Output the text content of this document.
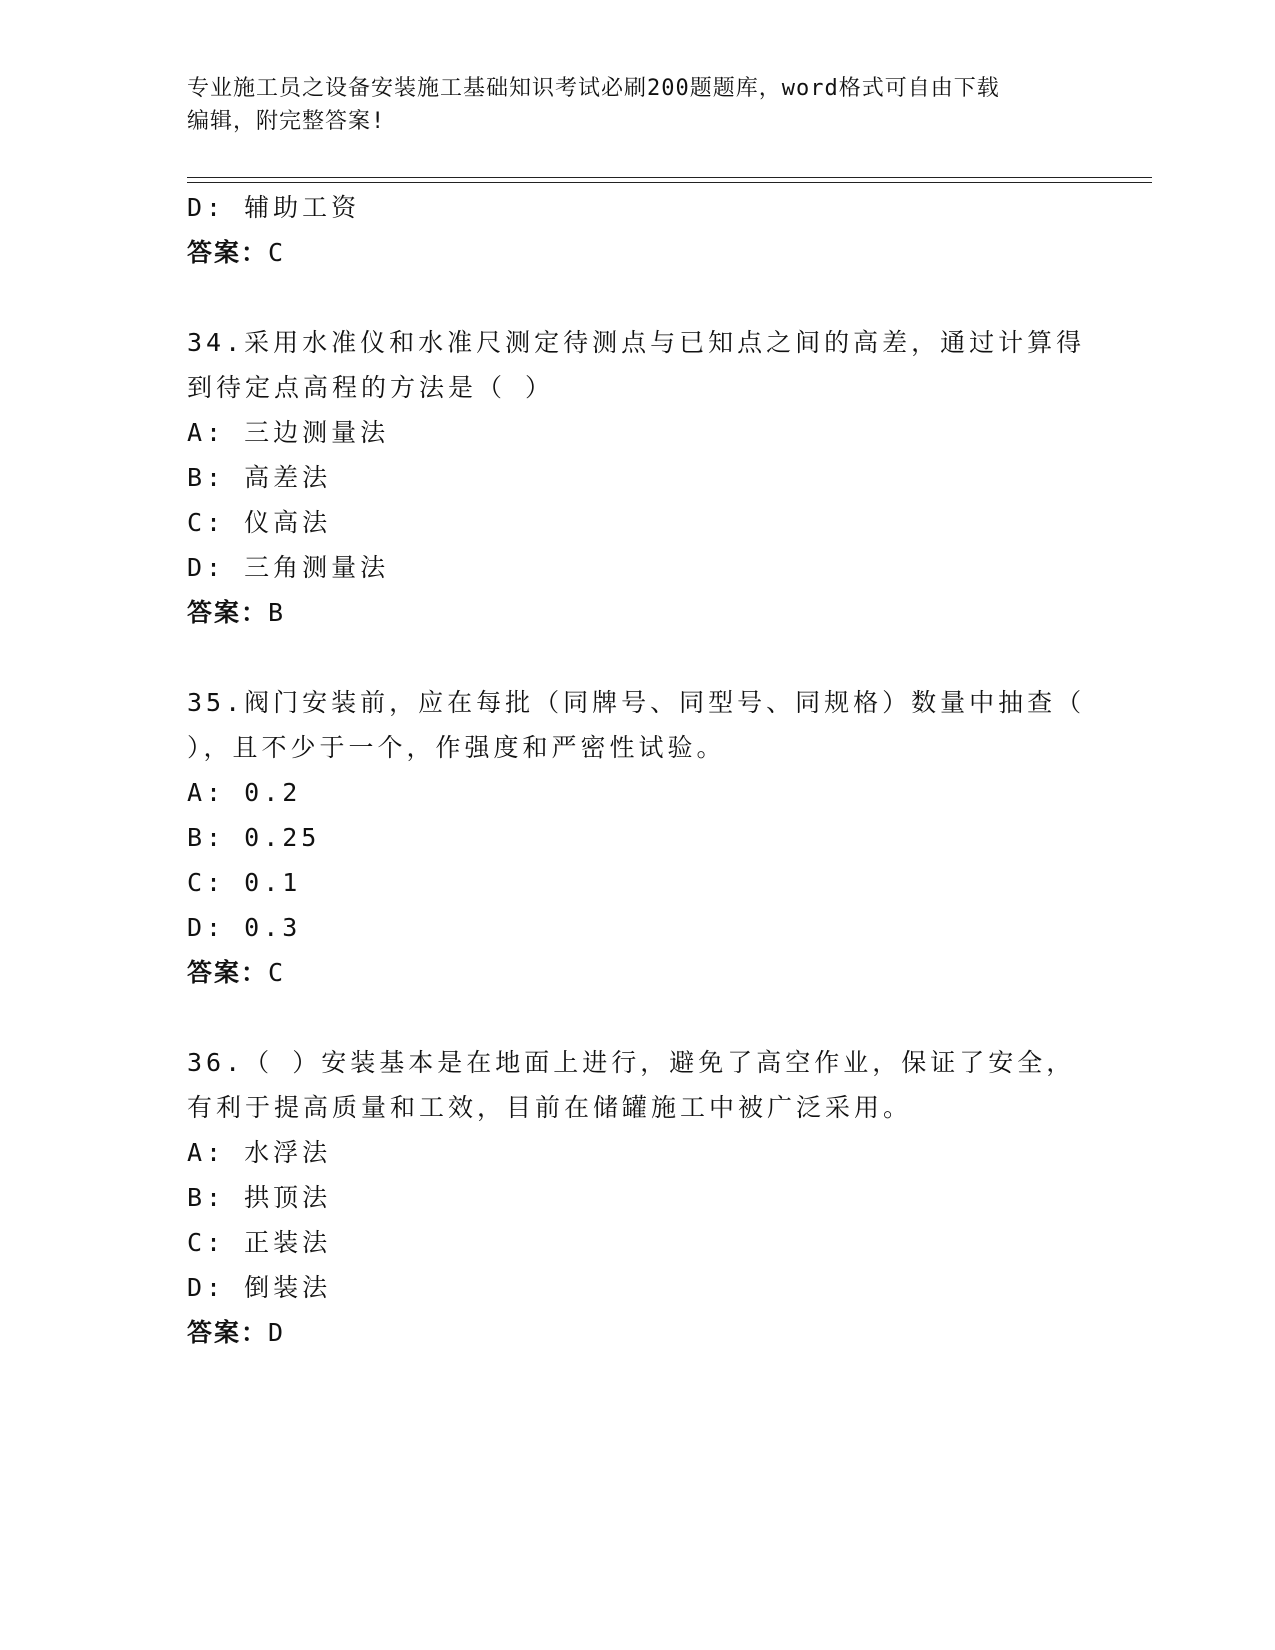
专业施工员之设备安装施工基础知识考试必刷200题题库，word格式可自由下载
编辑，附完整答案!
D: 辅助工资
答案：C
34.采用水准仪和水准尺测定待测点与已知点之间的高差，通过计算得
到待定点高程的方法是（ ）
A: 三边测量法
B: 高差法
C: 仪高法
D: 三角测量法
答案：B
35.阀门安装前，应在每批（同牌号、同型号、同规格）数量中抽查（
），且不少于一个，作强度和严密性试验。
A: 0.2
B: 0.25
C: 0.1
D: 0.3
答案：C
36.（ ）安装基本是在地面上进行，避免了高空作业，保证了安全，
有利于提高质量和工效，目前在储罐施工中被广泛采用。
A: 水浮法
B: 拱顶法
C: 正装法
D: 倒装法
答案：D
